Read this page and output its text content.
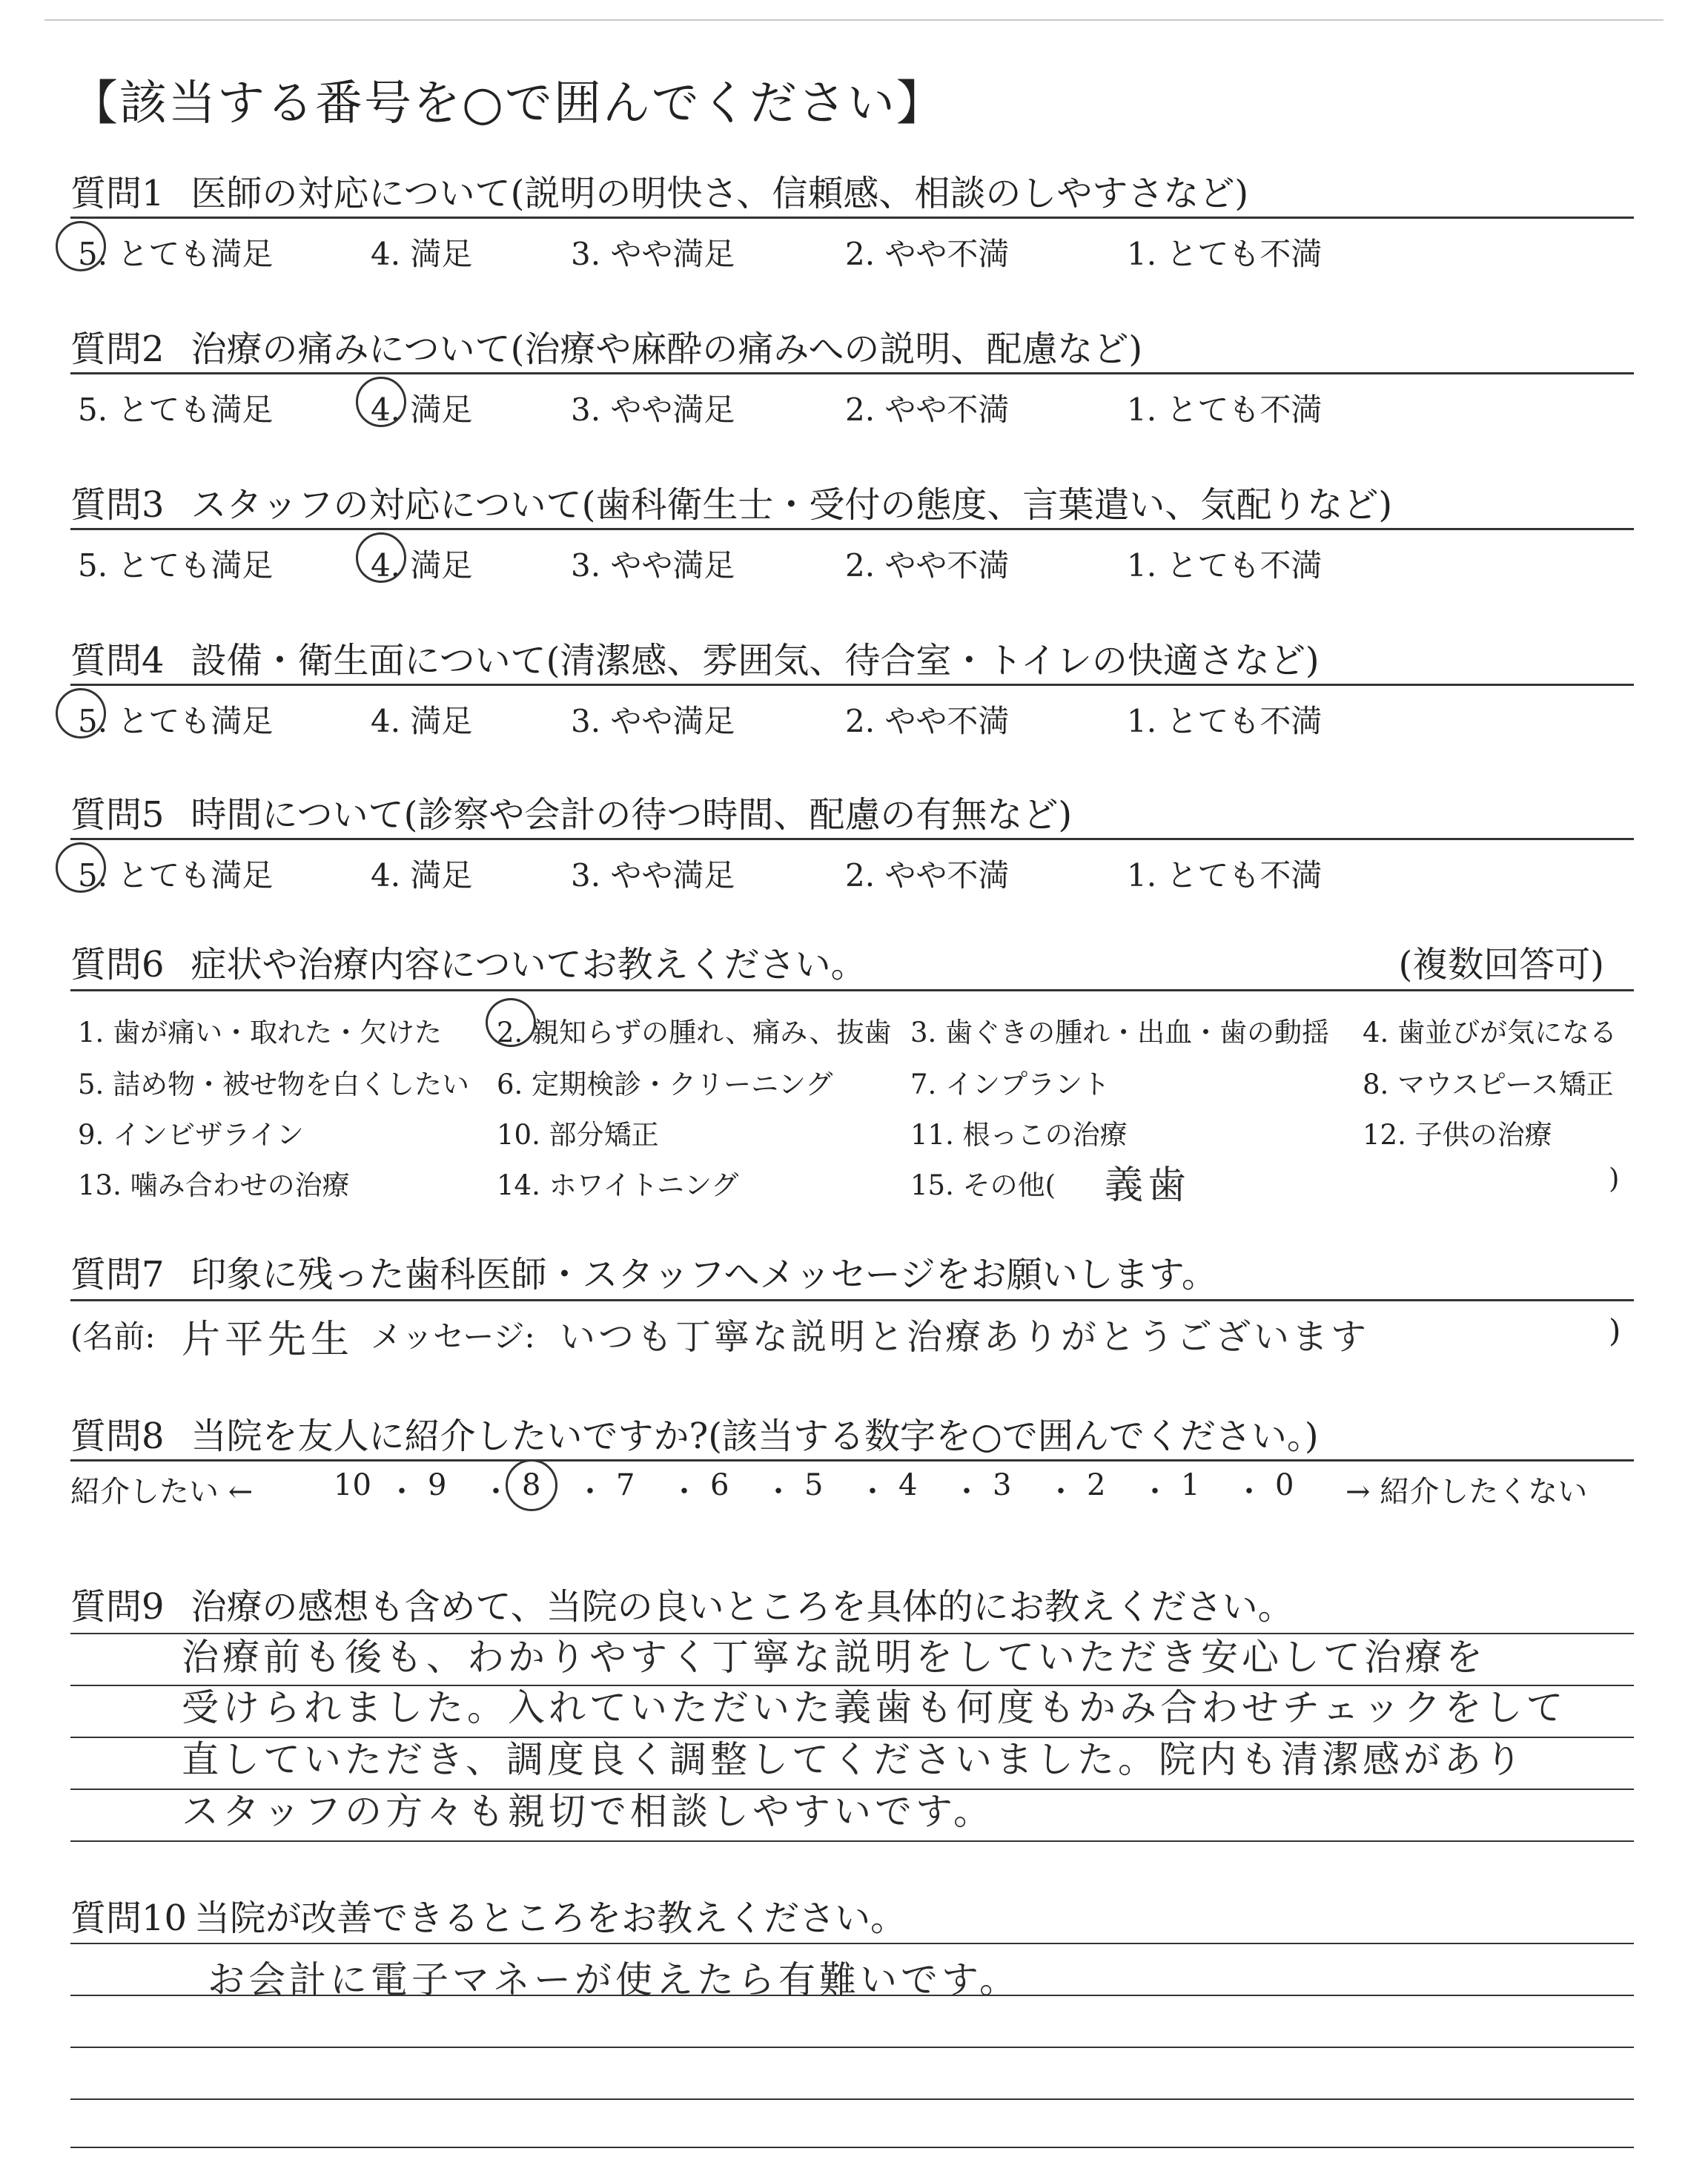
【該当する番号を○で囲んでください】
質問1 医師の対応について(説明の明快さ、信頼感、相談のしやすさなど)
5. とても満足	4. 満足	3. やや満足	2. やや不満	1. とても不満
質問2 治療の痛みについて(治療や麻酔の痛みへの説明、配慮など)
5. とても満足	4. 満足	3. やや満足	2. やや不満	1. とても不満
質問3 スタッフの対応について(歯科衛生士・受付の態度、言葉遣い、気配りなど)
5. とても満足	4. 満足	3. やや満足	2. やや不満	1. とても不満
質問4 設備・衛生面について(清潔感、雰囲気、待合室・トイレの快適さなど)
5. とても満足	4. 満足	3. やや満足	2. やや不満	1. とても不満
質問5 時間について(診察や会計の待つ時間、配慮の有無など)
5. とても満足	4. 満足	3. やや満足	2. やや不満	1. とても不満
質問6 症状や治療内容についてお教えください。	(複数回答可)
1. 歯が痛い・取れた・欠けた 2. 親知らずの腫れ、痛み、抜歯 3. 歯ぐきの腫れ・出血・歯の動揺 4. 歯並びが気になる
5. 詰め物・被せ物を白くしたい 6. 定期検診・クリーニング	7. インプラント	8. マウスピース矯正
9. インビザライン	10. 部分矯正	11. 根っこの治療	12. 子供の治療
13. 噛み合わせの治療	14. ホワイトニング	15. その他( 義歯	)
質問7 印象に残った歯科医師・スタッフへメッセージをお願いします。
(名前: 片平先生 メッセージ: いつも丁寧な説明と治療ありがとうございます	)
質問8 当院を友人に紹介したいですか?(該当する数字を○で囲んでください。)
紹介したい ←	10 ・ 9 ・ 8 ・ 7 ・ 6 ・ 5 ・ 4 ・ 3 ・ 2 ・ 1 ・ 0 → 紹介したくない
質問9 治療の感想も含めて、当院の良いところを具体的にお教えください。
治療前も後も、わかりやすく丁寧な説明をしていただき安心して治療を
受けられました。入れていただいた義歯も何度もかみ合わせチェックをして
直していただき、調度良く調整してくださいました。院内も清潔感があり
スタッフの方々も親切で相談しやすいです。
質問10 当院が改善できるところをお教えください。
お会計に電子マネーが使えたら有難いです。
